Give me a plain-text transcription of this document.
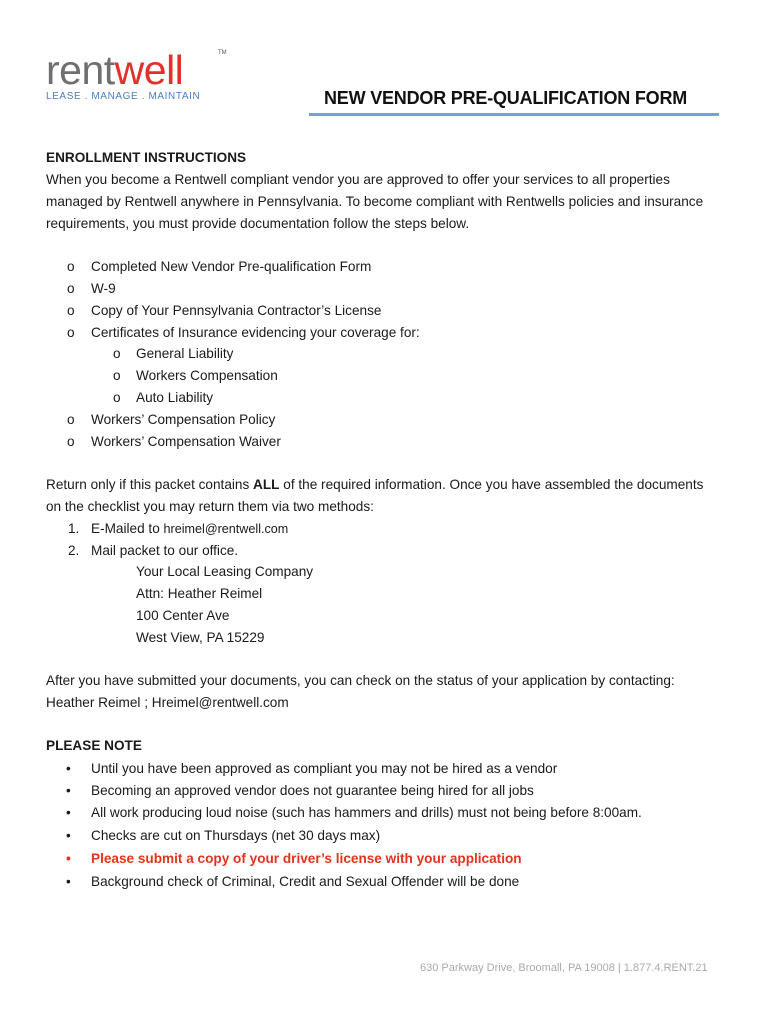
rentwell	TM
LEASE . MANAGE . MAINTAIN	NEW VENDOR PRE-QUALIFICATION FORM
ENROLLMENT INSTRUCTIONS
When you become a Rentwell compliant vendor you are approved to offer your services to all properties
managed by Rentwell anywhere in Pennsylvania. To become compliant with Rentwells policies and insurance
requirements, you must provide documentation follow the steps below.
o Completed New Vendor Pre-qualification Form
o W-9
o Copy of Your Pennsylvania Contractor’s License
o Certificates of Insurance evidencing your coverage for:
o General Liability
o Workers Compensation
o Auto Liability
o Workers’ Compensation Policy
o Workers’ Compensation Waiver
Return only if this packet contains ALL of the required information. Once you have assembled the documents
on the checklist you may return them via two methods:
1. E-Mailed to hreimel@rentwell.com
2. Mail packet to our office.
Your Local Leasing Company
Attn: Heather Reimel
100 Center Ave
West View, PA 15229
After you have submitted your documents, you can check on the status of your application by contacting:
Heather Reimel ; Hreimel@rentwell.com
PLEASE NOTE
• Until you have been approved as compliant you may not be hired as a vendor
• Becoming an approved vendor does not guarantee being hired for all jobs
• All work producing loud noise (such has hammers and drills) must not being before 8:00am.
• Checks are cut on Thursdays (net 30 days max)
• Please submit a copy of your driver’s license with your application
• Background check of Criminal, Credit and Sexual Offender will be done
630 Parkway Drive, Broomall, PA 19008 | 1.877.4.RENT.21
